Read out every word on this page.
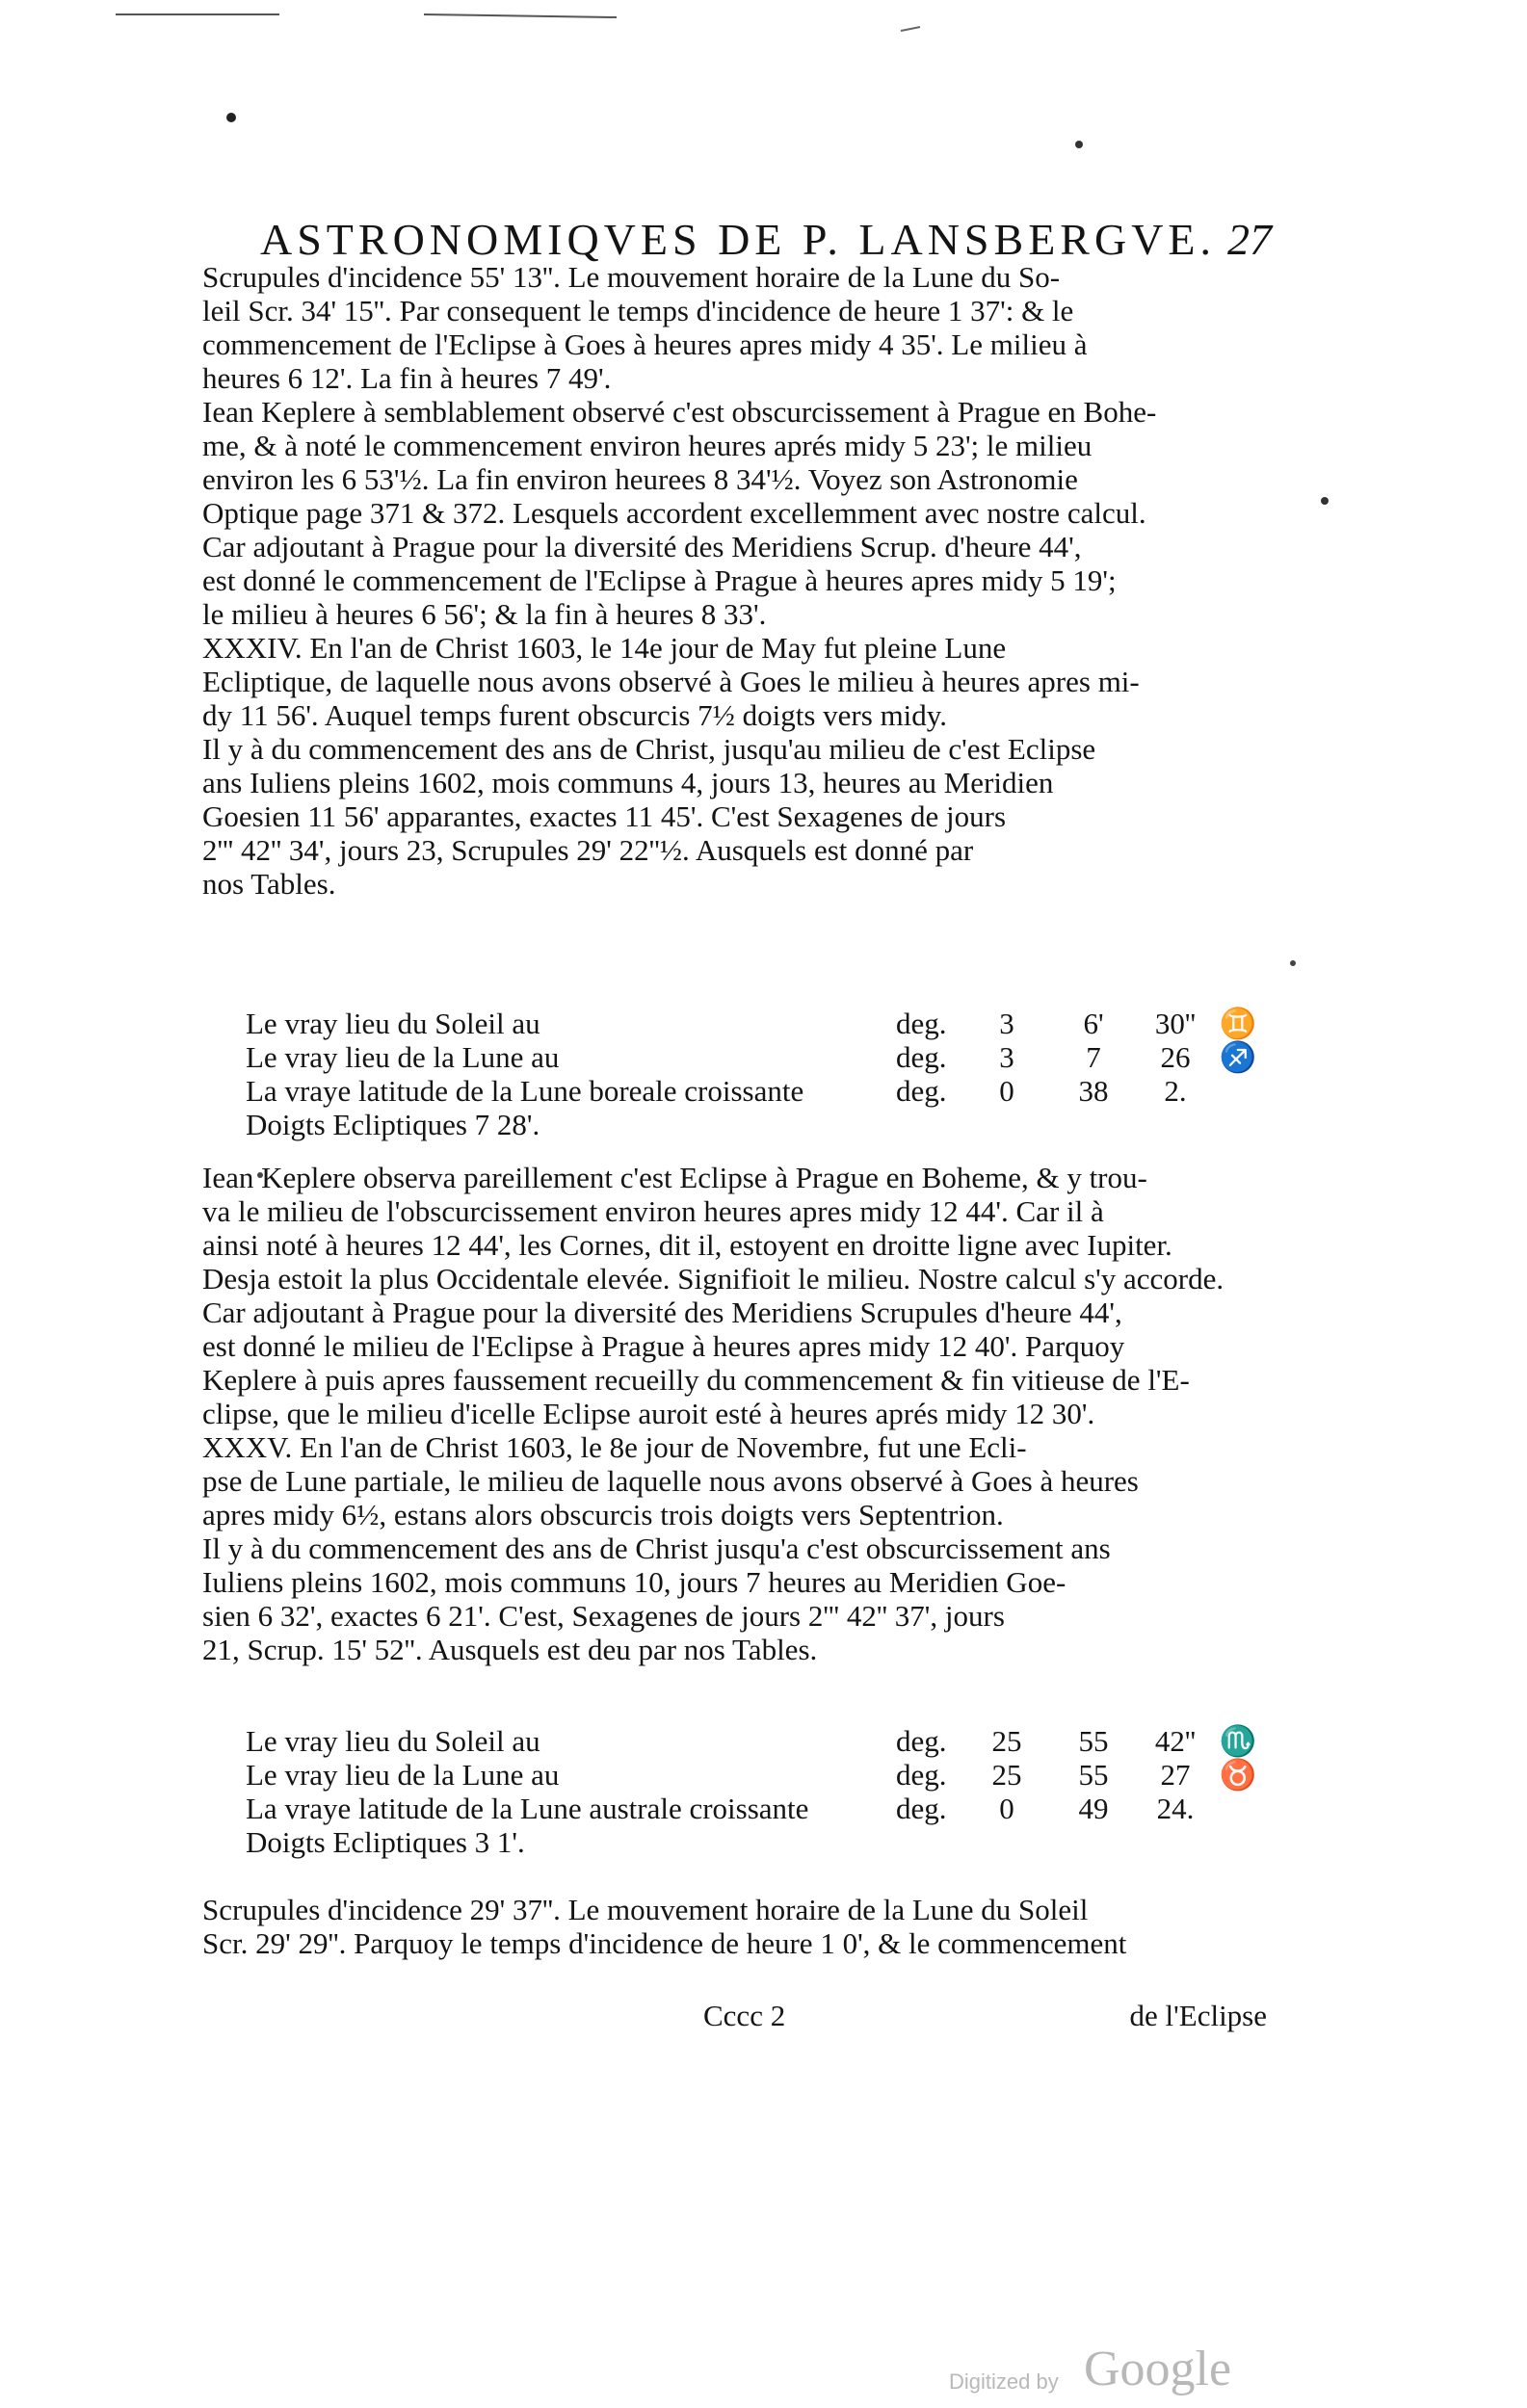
ASTRONOMIQVES DE P. LANSBERGVE. 27
Scrupules d'incidence 55' 13''. Le mouvement horaire de la Lune du So-
leil Scr. 34' 15''. Par consequent le temps d'incidence de heure 1 37': & le
commencement de l'Eclipse à Goes à heures apres midy 4 35'. Le milieu à
heures 6 12'. La fin à heures 7 49'.
Iean Keplere à semblablement observé c'est obscurcissement à Prague en Bohe-
me, & à noté le commencement environ heures aprés midy 5 23'; le milieu
environ les 6 53'½. La fin environ heurees 8 34'½. Voyez son Astronomie
Optique page 371 & 372. Lesquels accordent excellemment avec nostre calcul.
Car adjoutant à Prague pour la diversité des Meridiens Scrup. d'heure 44',
est donné le commencement de l'Eclipse à Prague à heures apres midy 5 19';
le milieu à heures 6 56'; & la fin à heures 8 33'.
XXXIV. En l'an de Christ 1603, le 14e jour de May fut pleine Lune
Ecliptique, de laquelle nous avons observé à Goes le milieu à heures apres mi-
dy 11 56'. Auquel temps furent obscurcis 7½ doigts vers midy.
Il y à du commencement des ans de Christ, jusqu'au milieu de c'est Eclipse
ans Iuliens pleins 1602, mois communs 4, jours 13, heures au Meridien
Goesien 11 56' apparantes, exactes 11 45'. C'est Sexagenes de jours
2''' 42'' 34', jours 23, Scrupules 29' 22''½. Ausquels est donné par
nos Tables.
Le vray lieu du Soleil au	deg.	3	6'	30'' ♊
Le vray lieu de la Lune au	deg.	3	7	26 ♐
La vraye latitude de la Lune boreale croissante	deg.	0	38	2.
Doigts Ecliptiques 7 28'.
Iean Keplere observa pareillement c'est Eclipse à Prague en Boheme, & y trou-
va le milieu de l'obscurcissement environ heures apres midy 12 44'. Car il à
ainsi noté à heures 12 44', les Cornes, dit il, estoyent en droitte ligne avec Iupiter.
Desja estoit la plus Occidentale elevée. Signifioit le milieu. Nostre calcul s'y accorde.
Car adjoutant à Prague pour la diversité des Meridiens Scrupules d'heure 44',
est donné le milieu de l'Eclipse à Prague à heures apres midy 12 40'. Parquoy
Keplere à puis apres faussement recueilly du commencement & fin vitieuse de l'E-
clipse, que le milieu d'icelle Eclipse auroit esté à heures aprés midy 12 30'.
XXXV. En l'an de Christ 1603, le 8e jour de Novembre, fut une Ecli-
pse de Lune partiale, le milieu de laquelle nous avons observé à Goes à heures
apres midy 6½, estans alors obscurcis trois doigts vers Septentrion.
Il y à du commencement des ans de Christ jusqu'a c'est obscurcissement ans
Iuliens pleins 1602, mois communs 10, jours 7 heures au Meridien Goe-
sien 6 32', exactes 6 21'. C'est, Sexagenes de jours 2''' 42'' 37', jours
21, Scrup. 15' 52''. Ausquels est deu par nos Tables.
Le vray lieu du Soleil au	deg. 25	55	42'' ♏
Le vray lieu de la Lune au	deg. 25	55	27 ♉
La vraye latitude de la Lune australe croissante	deg.	0	49	24.
Doigts Ecliptiques 3 1'.
Scrupules d'incidence 29' 37''. Le mouvement horaire de la Lune du Soleil
Scr. 29' 29''. Parquoy le temps d'incidence de heure 1 0', & le commencement
Cccc 2	de l'Eclipse
Digitized by Google
